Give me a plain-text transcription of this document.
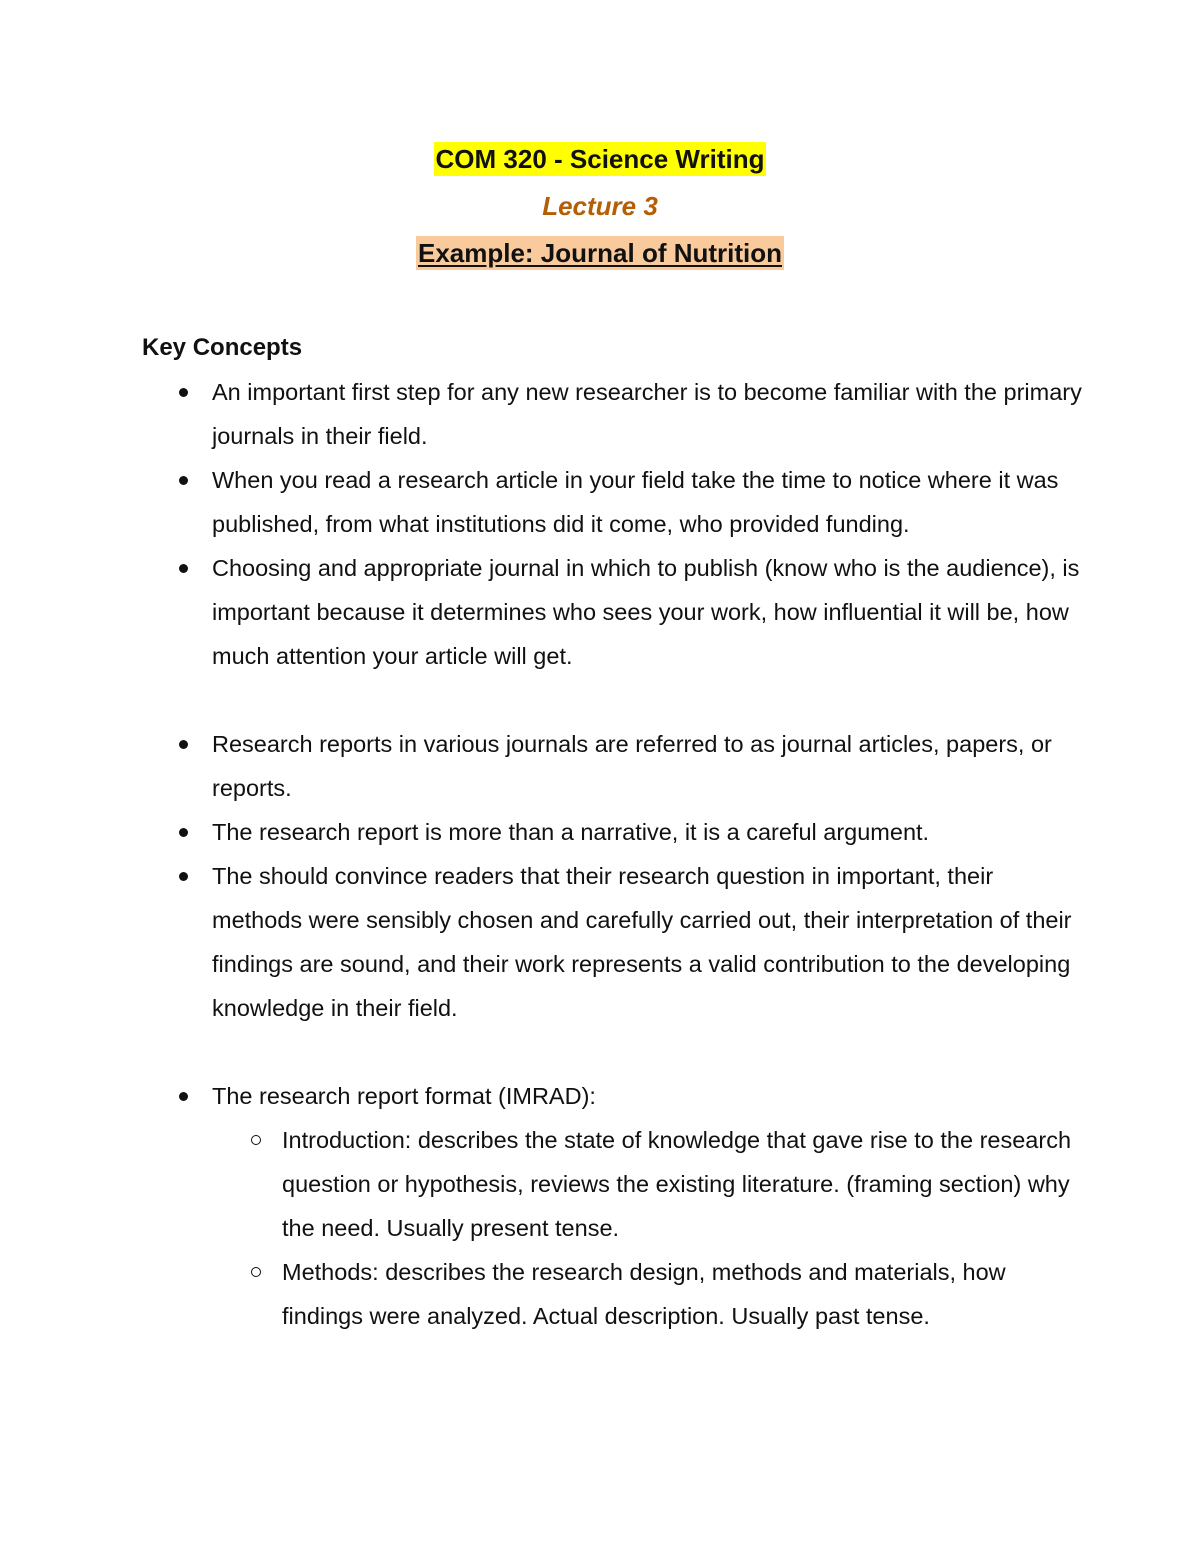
COM 320 - Science Writing
Lecture 3
Example: Journal of Nutrition
Key Concepts
An important first step for any new researcher is to become familiar with the primary journals in their field.
When you read a research article in your field take the time to notice where it was published, from what institutions did it come, who provided funding.
Choosing and appropriate journal in which to publish (know who is the audience), is important because it determines who sees your work, how influential it will be, how much attention your article will get.
Research reports in various journals are referred to as journal articles, papers, or reports.
The research report is more than a narrative, it is a careful argument.
The should convince readers that their research question in important, their methods were sensibly chosen and carefully carried out, their interpretation of their findings are sound, and their work represents a valid contribution to the developing knowledge in their field.
The research report format (IMRAD):
Introduction: describes the state of knowledge that gave rise to the research question or hypothesis, reviews the existing literature. (framing section) why the need. Usually present tense.
Methods: describes the research design, methods and materials, how findings were analyzed. Actual description. Usually past tense.
